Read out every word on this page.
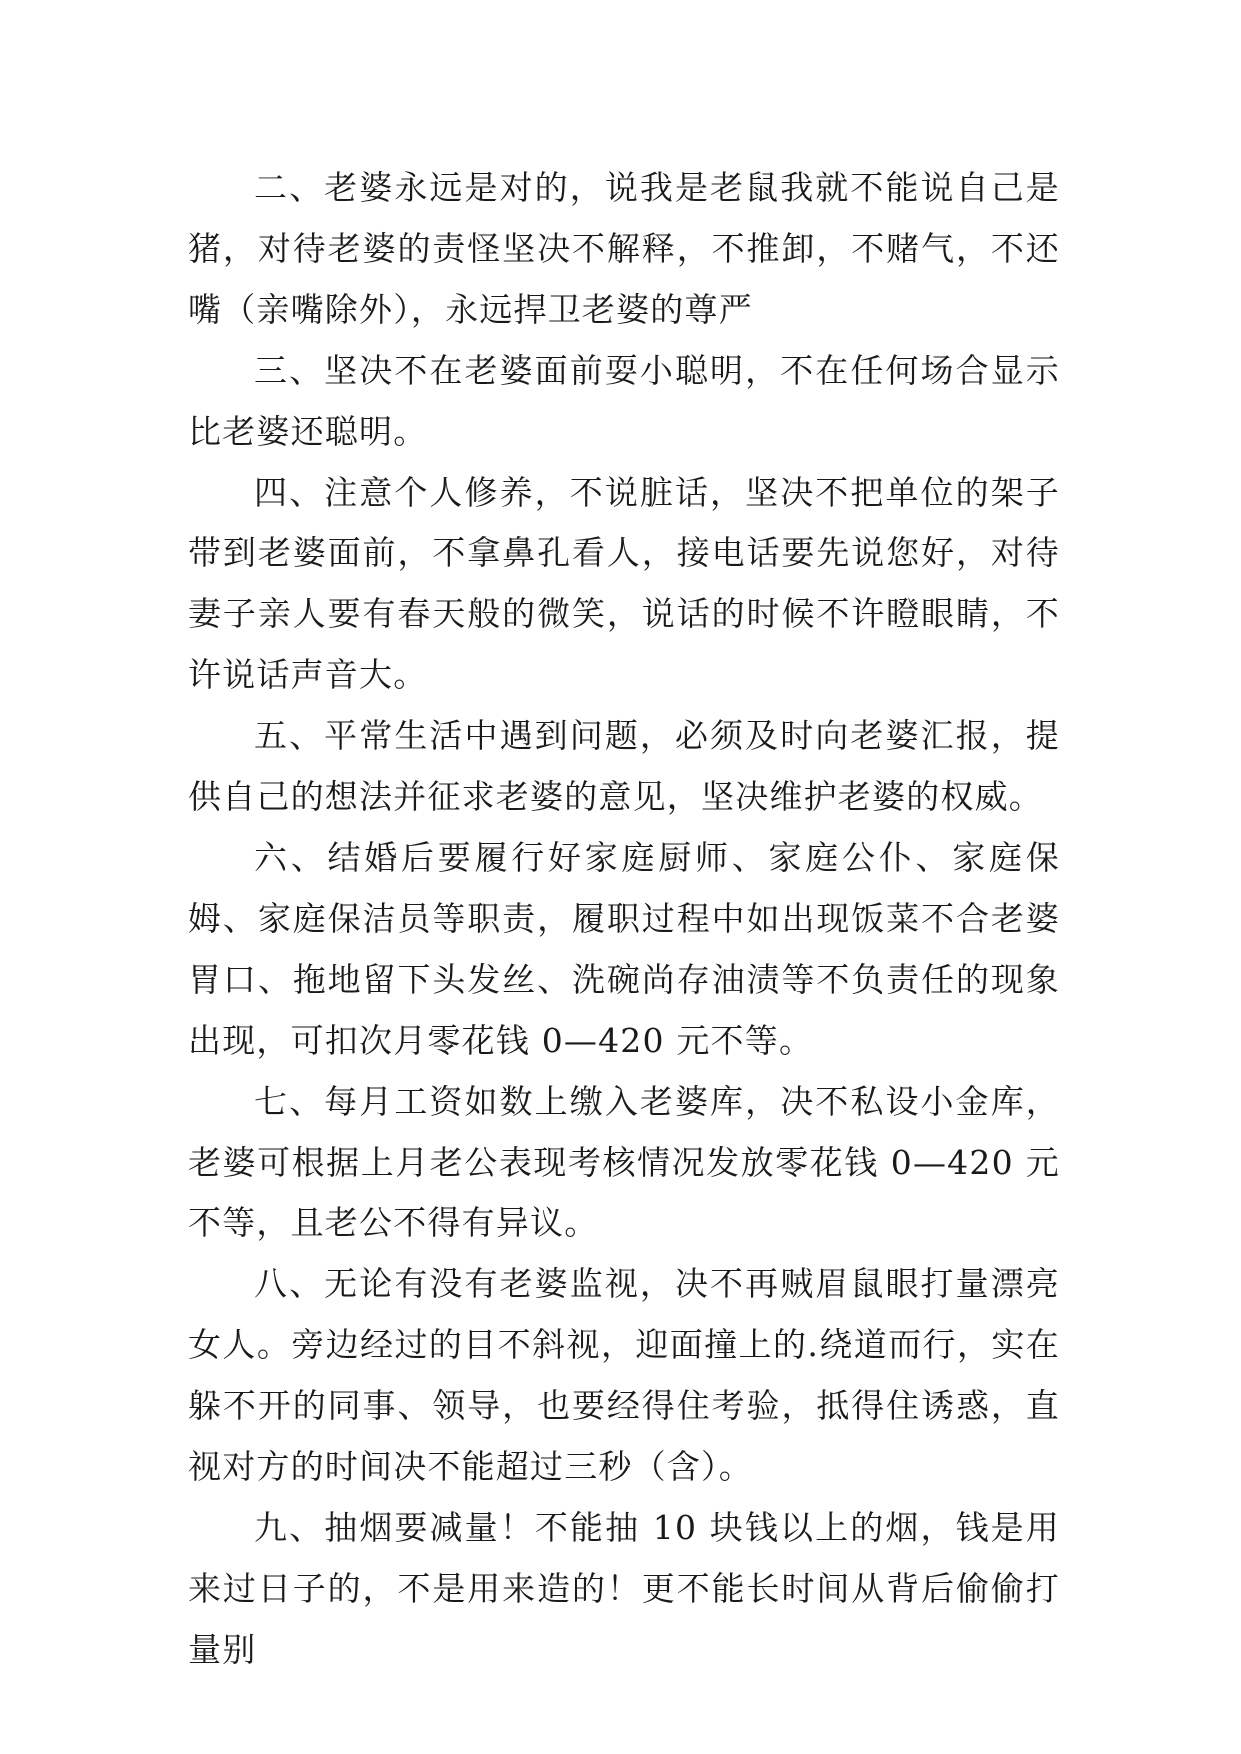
二、老婆永远是对的，说我是老鼠我就不能说自己是猪，对待老婆的责怪坚决不解释，不推卸，不赌气，不还嘴（亲嘴除外），永远捍卫老婆的尊严

三、坚决不在老婆面前耍小聪明，不在任何场合显示比老婆还聪明。

四、注意个人修养，不说脏话，坚决不把单位的架子带到老婆面前，不拿鼻孔看人，接电话要先说您好，对待妻子亲人要有春天般的微笑，说话的时候不许瞪眼睛，不许说话声音大。

五、平常生活中遇到问题，必须及时向老婆汇报，提供自己的想法并征求老婆的意见，坚决维护老婆的权威。

六、结婚后要履行好家庭厨师、家庭公仆、家庭保姆、家庭保洁员等职责，履职过程中如出现饭菜不合老婆胃口、拖地留下头发丝、洗碗尚存油渍等不负责任的现象出现，可扣次月零花钱 0—420 元不等。

七、每月工资如数上缴入老婆库，决不私设小金库，老婆可根据上月老公表现考核情况发放零花钱 0—420 元不等，且老公不得有异议。

八、无论有没有老婆监视，决不再贼眉鼠眼打量漂亮女人。旁边经过的目不斜视，迎面撞上的.绕道而行，实在躲不开的同事、领导，也要经得住考验，抵得住诱惑，直视对方的时间决不能超过三秒（含）。

九、抽烟要减量！不能抽 10 块钱以上的烟，钱是用来过日子的，不是用来造的！更不能长时间从背后偷偷打量别
